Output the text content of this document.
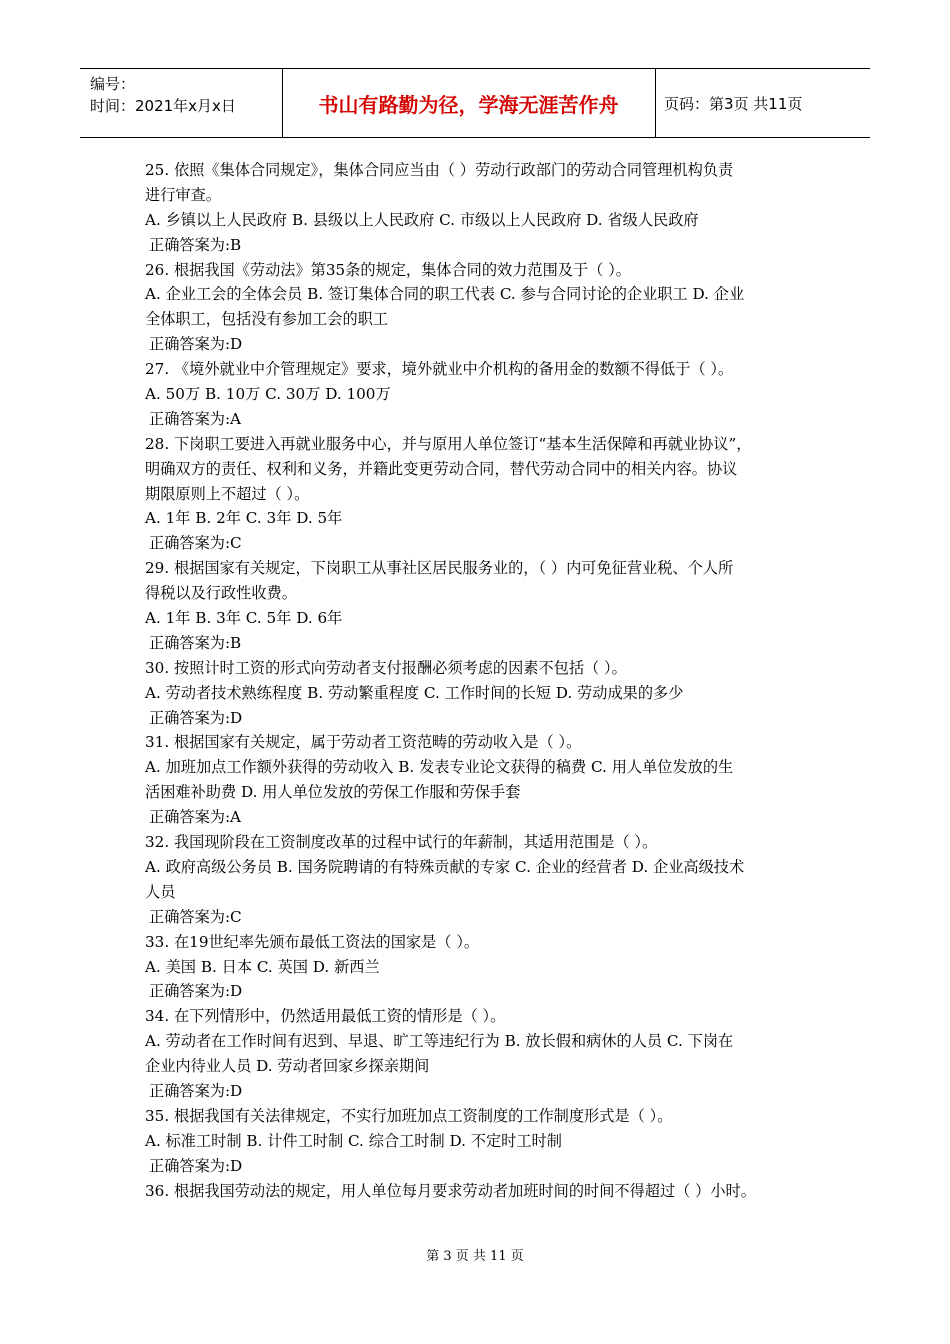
编号：
时间：2021年x月x日	书山有路勤为径，学海无涯苦作舟	页码：第3页 共11页
25. 依照《集体合同规定》，集体合同应当由（ ）劳动行政部门的劳动合同管理机构负责
进行审查。
A. 乡镇以上人民政府 B. 县级以上人民政府 C. 市级以上人民政府 D. 省级人民政府
正确答案为:B
26. 根据我国《劳动法》第35条的规定，集体合同的效力范围及于（ ）。
A. 企业工会的全体会员 B. 签订集体合同的职工代表 C. 参与合同讨论的企业职工 D. 企业
全体职工，包括没有参加工会的职工
正确答案为:D
27. 《境外就业中介管理规定》要求，境外就业中介机构的备用金的数额不得低于（ ）。
A. 50万 B. 10万 C. 30万 D. 100万
正确答案为:A
28. 下岗职工要进入再就业服务中心，并与原用人单位签订“基本生活保障和再就业协议”，
明确双方的责任、权利和义务，并籍此变更劳动合同，替代劳动合同中的相关内容。协议
期限原则上不超过（ ）。
A. 1年 B. 2年 C. 3年 D. 5年
正确答案为:C
29. 根据国家有关规定，下岗职工从事社区居民服务业的，（ ）内可免征营业税、个人所
得税以及行政性收费。
A. 1年 B. 3年 C. 5年 D. 6年
正确答案为:B
30. 按照计时工资的形式向劳动者支付报酬必须考虑的因素不包括（ ）。
A. 劳动者技术熟练程度 B. 劳动繁重程度 C. 工作时间的长短 D. 劳动成果的多少
正确答案为:D
31. 根据国家有关规定，属于劳动者工资范畴的劳动收入是（ ）。
A. 加班加点工作额外获得的劳动收入 B. 发表专业论文获得的稿费 C. 用人单位发放的生
活困难补助费 D. 用人单位发放的劳保工作服和劳保手套
正确答案为:A
32. 我国现阶段在工资制度改革的过程中试行的年薪制，其适用范围是（ ）。
A. 政府高级公务员 B. 国务院聘请的有特殊贡献的专家 C. 企业的经营者 D. 企业高级技术
人员
正确答案为:C
33. 在19世纪率先颁布最低工资法的国家是（ ）。
A. 美国 B. 日本 C. 英国 D. 新西兰
正确答案为:D
34. 在下列情形中，仍然适用最低工资的情形是（ ）。
A. 劳动者在工作时间有迟到、早退、旷工等违纪行为 B. 放长假和病休的人员 C. 下岗在
企业内待业人员 D. 劳动者回家乡探亲期间
正确答案为:D
35. 根据我国有关法律规定，不实行加班加点工资制度的工作制度形式是（ ）。
A. 标准工时制 B. 计件工时制 C. 综合工时制 D. 不定时工时制
正确答案为:D
36. 根据我国劳动法的规定，用人单位每月要求劳动者加班时间的时间不得超过（ ）小时。
第 3 页 共 11 页
